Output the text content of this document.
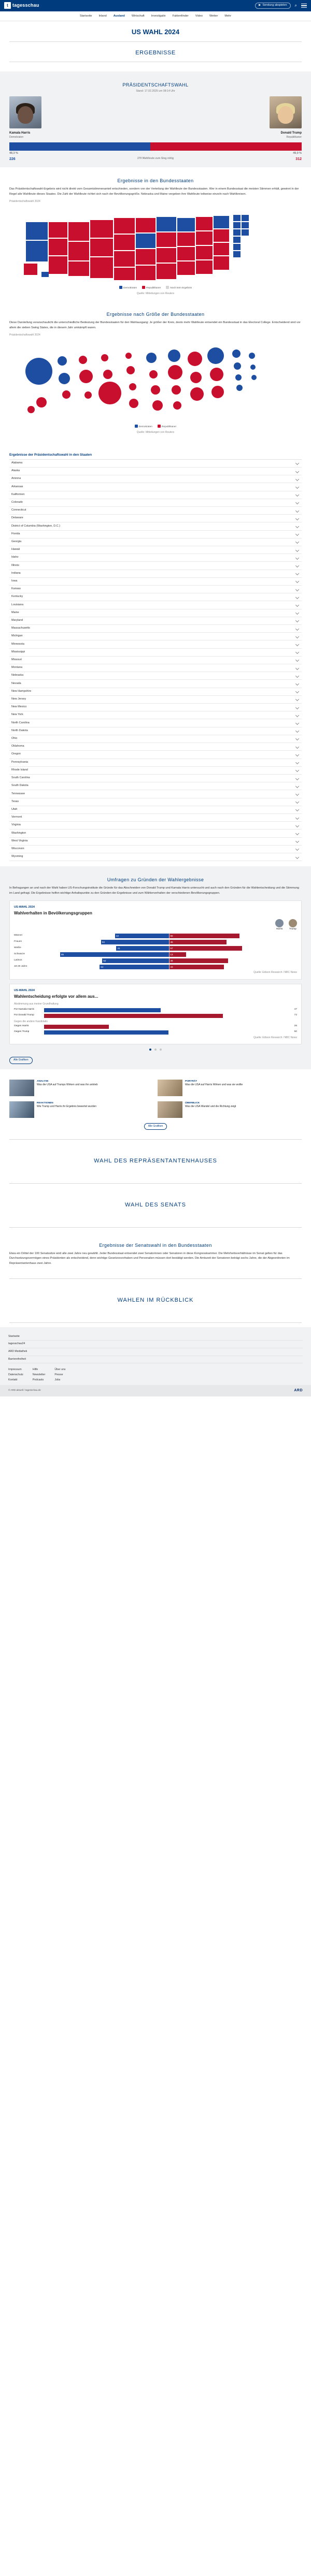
t tagesschau	▶ Sendung abspielen ⌕
Startseite Inland Ausland Wirtschaft Investigativ Faktenfinder Video Wetter Mehr
US WAHL 2024
ERGEBNISSE
PRÄSIDENTSCHAFTSWAHL
Stand: 17.02.2025 um 08:14 Uhr
Kamala Harris
Demokraten
Donald Trump
Republikaner
48,3 %	49,9 %
226	270 Wahlleute zum Sieg nötig	312
Ergebnisse in den Bundesstaaten

Das Präsidentschaftswahl-Ergebnis wird nicht direkt vom Gesamtstimmenanteil entschieden, sondern von der Verteilung der Wahlleute der Bundesstaaten. Wer in einem Bundesstaat die meisten Stimmen erhält, gewinnt in der Regel alle Wahlleute dieses Staates. Die Zahl der Wahlleute richtet sich nach der Bevölkerungsgröße. Nebraska und Maine vergeben ihre Wahlleute teilweise einzeln nach Wahlkreisen.

Präsidentschaftswahl 2024
Demokraten	Republikaner	Noch kein Ergebnis
Quelle: Mitteilungen von Reuters
Ergebnisse nach Größe der Bundesstaaten

Diese Darstellung veranschaulicht die unterschiedliche Bedeutung der Bundesstaaten für den Wahlausgang: Je größer der Kreis, desto mehr Wahlleute entsendet ein Bundesstaat in das Electoral College. Entscheidend sind vor allem die sieben Swing States, die in diesem Jahr umkämpft waren.

Präsidentschaftswahl 2024
Demokraten	Republikaner
Quelle: Mitteilungen von Reuters
Ergebnisse der Präsidentschaftswahl in den Staaten
Alabama
Alaska
Arizona
Arkansas
Kalifornien
Colorado
Connecticut
Delaware
District of Columbia (Washington, D.C.)
Florida
Georgia
Hawaii
Idaho
Illinois
Indiana
Iowa
Kansas
Kentucky
Louisiana
Maine
Maryland
Massachusetts
Michigan
Minnesota
Mississippi
Missouri
Montana
Nebraska
Nevada
New Hampshire
New Jersey
New Mexico
New York
North Carolina
North Dakota
Ohio
Oklahoma
Oregon
Pennsylvania
Rhode Island
South Carolina
South Dakota
Tennessee
Texas
Utah
Vermont
Virginia
Washington
West Virginia
Wisconsin
Wyoming
Umfragen zu Gründen der Wahlergebnisse

In Befragungen an und nach der Wahl haben US-Forschungsinstitute die Gründe für das Abschneiden von Donald Trump und Kamala Harris untersucht und auch nach den Gründen für die Wahlentscheidung und die Stimmung im Land gefragt. Die Ergebnisse helfen wichtige Anhaltspunkte zu den Gründen der Ergebnisse und zum Wählerverhalten der verschiedenen Bevölkerungsgruppen.

US-WAHL 2024
Wahlverhalten in Bevölkerungsgruppen
Harris	Trump
Männer	42	55
Frauen	53	45
Weiße	41	57
Schwarze	85	13
Latinos	52	46
18-29 Jahre	54	43
Quelle: Edison Research / NBC News
US-WAHL 2024
Wahlentscheidung erfolgte vor allem aus...
Abstimmung aus meiner Grundhaltung
Für Kamala Harris	47
Für Donald Trump	72
Gegen die andere Kandidatin
Gegen Harris	26
Gegen Trump	50
Quelle: Edison Research / NBC News

Alle Grafiken
ANALYSE
Was die USA auf Trumps Wirken und was ihn antrieb
PORTRÄT
Was die USA auf Harris Wirken und was sie wollte
REAKTIONEN
Wie Trump und Harris ihr Ergebnis bewertet wurden
ÜBERBLICK
Was die USA Wandel und die Richtung zeigt
Alle Grafiken
WAHL DES REPRÄSENTANTENHAUSES
WAHL DES SENATS
Ergebnisse der Senatswahl in den Bundesstaaten

Etwa ein Drittel der 100 Senatssitze wird alle zwei Jahre neu gewählt. Jeder Bundesstaat entsendet zwei Senatorinnen oder Senatoren in diese Kongresskammer. Die Mehrheitsverhältnisse im Senat gelten für das Durchsetzungsvermögen eines Präsidenten als entscheidend, denn wichtige Gesetzesvorhaben und Personalien müssen dort bestätigt werden. Die Amtszeit der Senatoren beträgt sechs Jahre, die der Abgeordneten im Repräsentantenhaus zwei Jahre.

WAHLEN IM RÜCKBLICK
Startseite
tagesschau24
ARD Mediathek
Barrierefreiheit
Impressum
Datenschutz
Kontakt
Hilfe
Newsletter
Podcasts
Über uns
Presse
Jobs
© ARD-aktuell / tagesschau.de	ARD
